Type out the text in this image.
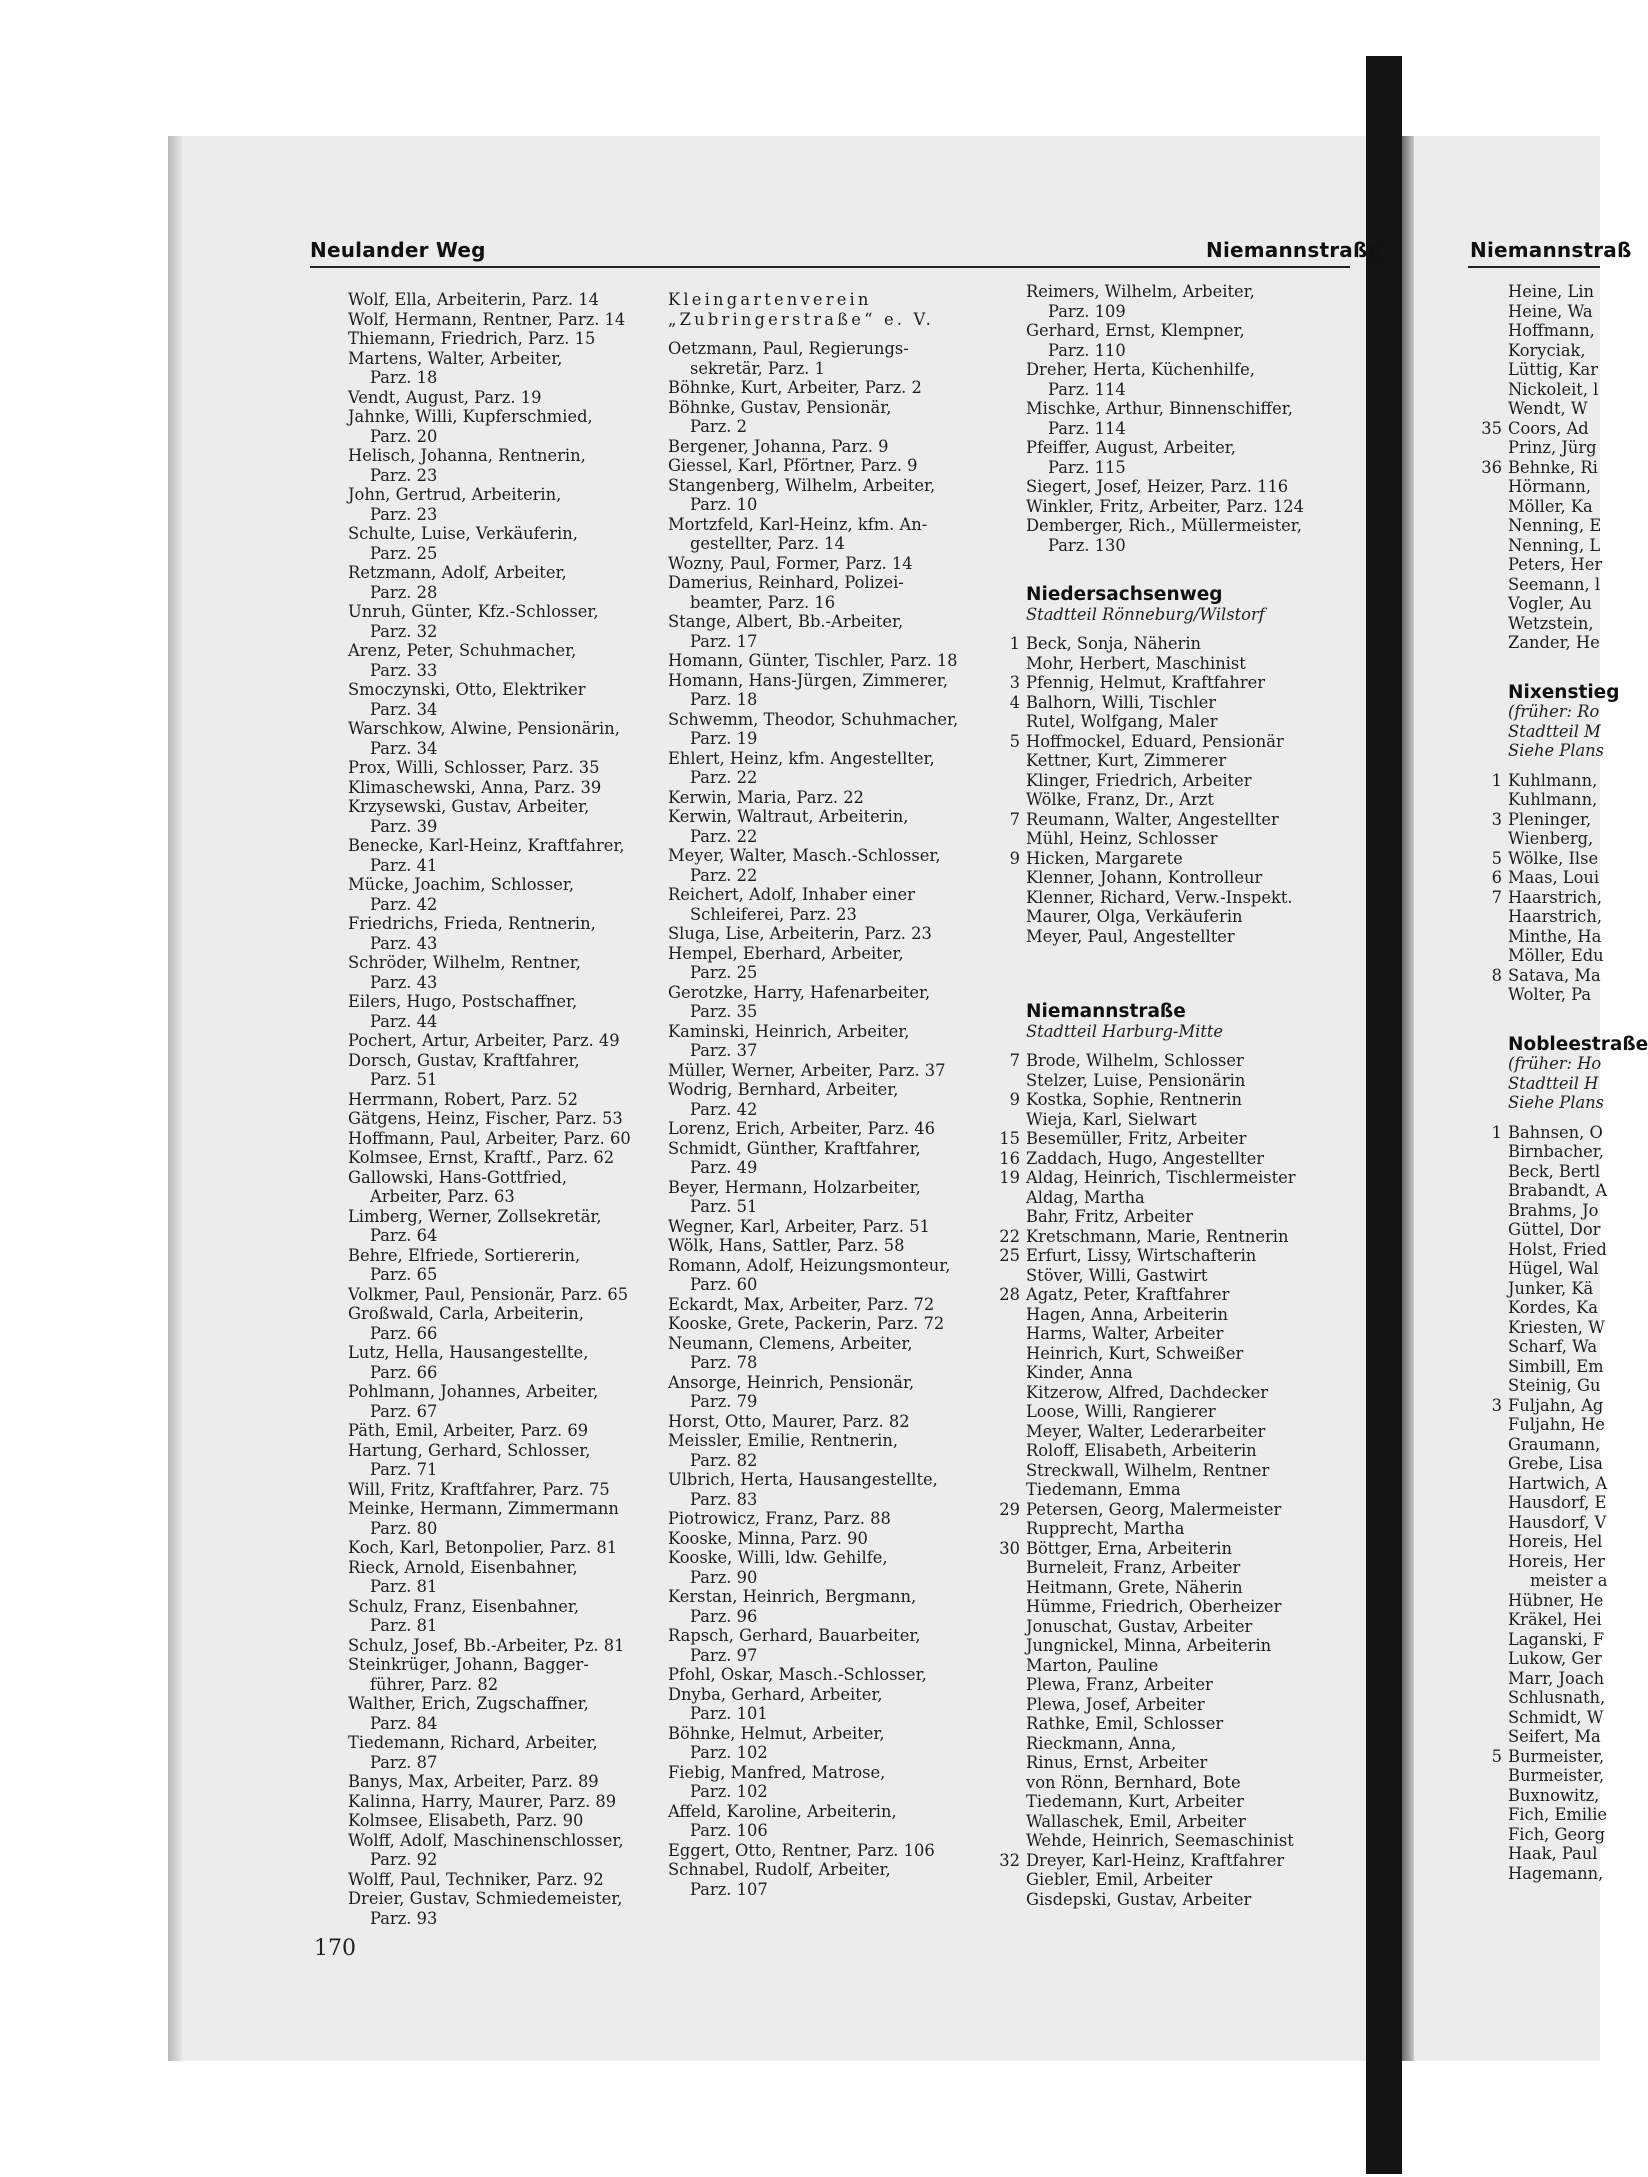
Neulander Weg	Niemannstraße	Niemannstraß
Wolf, Ella, Arbeiterin, Parz. 14
Wolf, Hermann, Rentner, Parz. 14
Thiemann, Friedrich, Parz. 15
Martens, Walter, Arbeiter,
Parz. 18
Vendt, August, Parz. 19
Jahnke, Willi, Kupferschmied,
Parz. 20
Helisch, Johanna, Rentnerin,
Parz. 23
John, Gertrud, Arbeiterin,
Parz. 23
Schulte, Luise, Verkäuferin,
Parz. 25
Retzmann, Adolf, Arbeiter,
Parz. 28
Unruh, Günter, Kfz.-Schlosser,
Parz. 32
Arenz, Peter, Schuhmacher,
Parz. 33
Smoczynski, Otto, Elektriker
Parz. 34
Warschkow, Alwine, Pensionärin,
Parz. 34
Prox, Willi, Schlosser, Parz. 35
Klimaschewski, Anna, Parz. 39
Krzysewski, Gustav, Arbeiter,
Parz. 39
Benecke, Karl-Heinz, Kraftfahrer,
Parz. 41
Mücke, Joachim, Schlosser,
Parz. 42
Friedrichs, Frieda, Rentnerin,
Parz. 43
Schröder, Wilhelm, Rentner,
Parz. 43
Eilers, Hugo, Postschaffner,
Parz. 44
Pochert, Artur, Arbeiter, Parz. 49
Dorsch, Gustav, Kraftfahrer,
Parz. 51
Herrmann, Robert, Parz. 52
Gätgens, Heinz, Fischer, Parz. 53
Hoffmann, Paul, Arbeiter, Parz. 60
Kolmsee, Ernst, Kraftf., Parz. 62
Gallowski, Hans-Gottfried,
Arbeiter, Parz. 63
Limberg, Werner, Zollsekretär,
Parz. 64
Behre, Elfriede, Sortiererin,
Parz. 65
Volkmer, Paul, Pensionär, Parz. 65
Großwald, Carla, Arbeiterin,
Parz. 66
Lutz, Hella, Hausangestellte,
Parz. 66
Pohlmann, Johannes, Arbeiter,
Parz. 67
Päth, Emil, Arbeiter, Parz. 69
Hartung, Gerhard, Schlosser,
Parz. 71
Will, Fritz, Kraftfahrer, Parz. 75
Meinke, Hermann, Zimmermann
Parz. 80
Koch, Karl, Betonpolier, Parz. 81
Rieck, Arnold, Eisenbahner,
Parz. 81
Schulz, Franz, Eisenbahner,
Parz. 81
Schulz, Josef, Bb.-Arbeiter, Pz. 81
Steinkrüger, Johann, Bagger-
führer, Parz. 82
Walther, Erich, Zugschaffner,
Parz. 84
Tiedemann, Richard, Arbeiter,
Parz. 87
Banys, Max, Arbeiter, Parz. 89
Kalinna, Harry, Maurer, Parz. 89
Kolmsee, Elisabeth, Parz. 90
Wolff, Adolf, Maschinenschlosser,
Parz. 92
Wolff, Paul, Techniker, Parz. 92
Dreier, Gustav, Schmiedemeister,
Parz. 93
Kleingartenverein
„Zubringerstraße“ e. V.
Oetzmann, Paul, Regierungs-
sekretär, Parz. 1
Böhnke, Kurt, Arbeiter, Parz. 2
Böhnke, Gustav, Pensionär,
Parz. 2
Bergener, Johanna, Parz. 9
Giessel, Karl, Pförtner, Parz. 9
Stangenberg, Wilhelm, Arbeiter,
Parz. 10
Mortzfeld, Karl-Heinz, kfm. An-
gestellter, Parz. 14
Wozny, Paul, Former, Parz. 14
Damerius, Reinhard, Polizei-
beamter, Parz. 16
Stange, Albert, Bb.-Arbeiter,
Parz. 17
Homann, Günter, Tischler, Parz. 18
Homann, Hans-Jürgen, Zimmerer,
Parz. 18
Schwemm, Theodor, Schuhmacher,
Parz. 19
Ehlert, Heinz, kfm. Angestellter,
Parz. 22
Kerwin, Maria, Parz. 22
Kerwin, Waltraut, Arbeiterin,
Parz. 22
Meyer, Walter, Masch.-Schlosser,
Parz. 22
Reichert, Adolf, Inhaber einer
Schleiferei, Parz. 23
Sluga, Lise, Arbeiterin, Parz. 23
Hempel, Eberhard, Arbeiter,
Parz. 25
Gerotzke, Harry, Hafenarbeiter,
Parz. 35
Kaminski, Heinrich, Arbeiter,
Parz. 37
Müller, Werner, Arbeiter, Parz. 37
Wodrig, Bernhard, Arbeiter,
Parz. 42
Lorenz, Erich, Arbeiter, Parz. 46
Schmidt, Günther, Kraftfahrer,
Parz. 49
Beyer, Hermann, Holzarbeiter,
Parz. 51
Wegner, Karl, Arbeiter, Parz. 51
Wölk, Hans, Sattler, Parz. 58
Romann, Adolf, Heizungsmonteur,
Parz. 60
Eckardt, Max, Arbeiter, Parz. 72
Kooske, Grete, Packerin, Parz. 72
Neumann, Clemens, Arbeiter,
Parz. 78
Ansorge, Heinrich, Pensionär,
Parz. 79
Horst, Otto, Maurer, Parz. 82
Meissler, Emilie, Rentnerin,
Parz. 82
Ulbrich, Herta, Hausangestellte,
Parz. 83
Piotrowicz, Franz, Parz. 88
Kooske, Minna, Parz. 90
Kooske, Willi, ldw. Gehilfe,
Parz. 90
Kerstan, Heinrich, Bergmann,
Parz. 96
Rapsch, Gerhard, Bauarbeiter,
Parz. 97
Pfohl, Oskar, Masch.-Schlosser,
Dnyba, Gerhard, Arbeiter,
Parz. 101
Böhnke, Helmut, Arbeiter,
Parz. 102
Fiebig, Manfred, Matrose,
Parz. 102
Affeld, Karoline, Arbeiterin,
Parz. 106
Eggert, Otto, Rentner, Parz. 106
Schnabel, Rudolf, Arbeiter,
Parz. 107
Reimers, Wilhelm, Arbeiter,
Parz. 109
Gerhard, Ernst, Klempner,
Parz. 110
Dreher, Herta, Küchenhilfe,
Parz. 114
Mischke, Arthur, Binnenschiffer,
Parz. 114
Pfeiffer, August, Arbeiter,
Parz. 115
Siegert, Josef, Heizer, Parz. 116
Winkler, Fritz, Arbeiter, Parz. 124
Demberger, Rich., Müllermeister,
Parz. 130
Niedersachsenweg
Stadtteil Rönneburg/Wilstorf
1 Beck, Sonja, Näherin
Mohr, Herbert, Maschinist
3 Pfennig, Helmut, Kraftfahrer
4 Balhorn, Willi, Tischler
Rutel, Wolfgang, Maler
5 Hoffmockel, Eduard, Pensionär
Kettner, Kurt, Zimmerer
Klinger, Friedrich, Arbeiter
Wölke, Franz, Dr., Arzt
7 Reumann, Walter, Angestellter
Mühl, Heinz, Schlosser
9 Hicken, Margarete
Klenner, Johann, Kontrolleur
Klenner, Richard, Verw.-Inspekt.
Maurer, Olga, Verkäuferin
Meyer, Paul, Angestellter
Niemannstraße
Stadtteil Harburg-Mitte
7 Brode, Wilhelm, Schlosser
Stelzer, Luise, Pensionärin
9 Kostka, Sophie, Rentnerin
Wieja, Karl, Sielwart
15 Besemüller, Fritz, Arbeiter
16 Zaddach, Hugo, Angestellter
19 Aldag, Heinrich, Tischlermeister
Aldag, Martha
Bahr, Fritz, Arbeiter
22 Kretschmann, Marie, Rentnerin
25 Erfurt, Lissy, Wirtschafterin
Stöver, Willi, Gastwirt
28 Agatz, Peter, Kraftfahrer
Hagen, Anna, Arbeiterin
Harms, Walter, Arbeiter
Heinrich, Kurt, Schweißer
Kinder, Anna
Kitzerow, Alfred, Dachdecker
Loose, Willi, Rangierer
Meyer, Walter, Lederarbeiter
Roloff, Elisabeth, Arbeiterin
Streckwall, Wilhelm, Rentner
Tiedemann, Emma
29 Petersen, Georg, Malermeister
Rupprecht, Martha
30 Böttger, Erna, Arbeiterin
Burneleit, Franz, Arbeiter
Heitmann, Grete, Näherin
Hümme, Friedrich, Oberheizer
Jonuschat, Gustav, Arbeiter
Jungnickel, Minna, Arbeiterin
Marton, Pauline
Plewa, Franz, Arbeiter
Plewa, Josef, Arbeiter
Rathke, Emil, Schlosser
Rieckmann, Anna,
Rinus, Ernst, Arbeiter
von Rönn, Bernhard, Bote
Tiedemann, Kurt, Arbeiter
Wallaschek, Emil, Arbeiter
Wehde, Heinrich, Seemaschinist
32 Dreyer, Karl-Heinz, Kraftfahrer
Giebler, Emil, Arbeiter
Gisdepski, Gustav, Arbeiter
Heine, Lin
Heine, Wa
Hoffmann,
Koryciak,
Lüttig, Kar
Nickoleit, l
Wendt, W
35 Coors, Ad
Prinz, Jürg
36 Behnke, Ri
Hörmann,
Möller, Ka
Nenning, E
Nenning, L
Peters, Her
Seemann, l
Vogler, Au
Wetzstein,
Zander, He
Nixenstieg
(früher: Ro
Stadtteil M
Siehe Plans
1 Kuhlmann,
Kuhlmann,
3 Pleninger,
Wienberg,
5 Wölke, Ilse
6 Maas, Loui
7 Haarstrich,
Haarstrich,
Minthe, Ha
Möller, Edu
8 Satava, Ma
Wolter, Pa
Nobleestraße
(früher: Ho
Stadtteil H
Siehe Plans
1 Bahnsen, O
Birnbacher,
Beck, Bertl
Brabandt, A
Brahms, Jo
Güttel, Dor
Holst, Fried
Hügel, Wal
Junker, Kä
Kordes, Ka
Kriesten, W
Scharf, Wa
Simbill, Em
Steinig, Gu
3 Fuljahn, Ag
Fuljahn, He
Graumann,
Grebe, Lisa
Hartwich, A
Hausdorf, E
Hausdorf, V
Horeis, Hel
Horeis, Her
meister a
Hübner, He
Kräkel, Hei
Laganski, F
Lukow, Ger
Marr, Joach
Schlusnath,
Schmidt, W
Seifert, Ma
5 Burmeister,
Burmeister,
Buxnowitz,
Fich, Emilie
Fich, Georg
Haak, Paul
Hagemann,
170
